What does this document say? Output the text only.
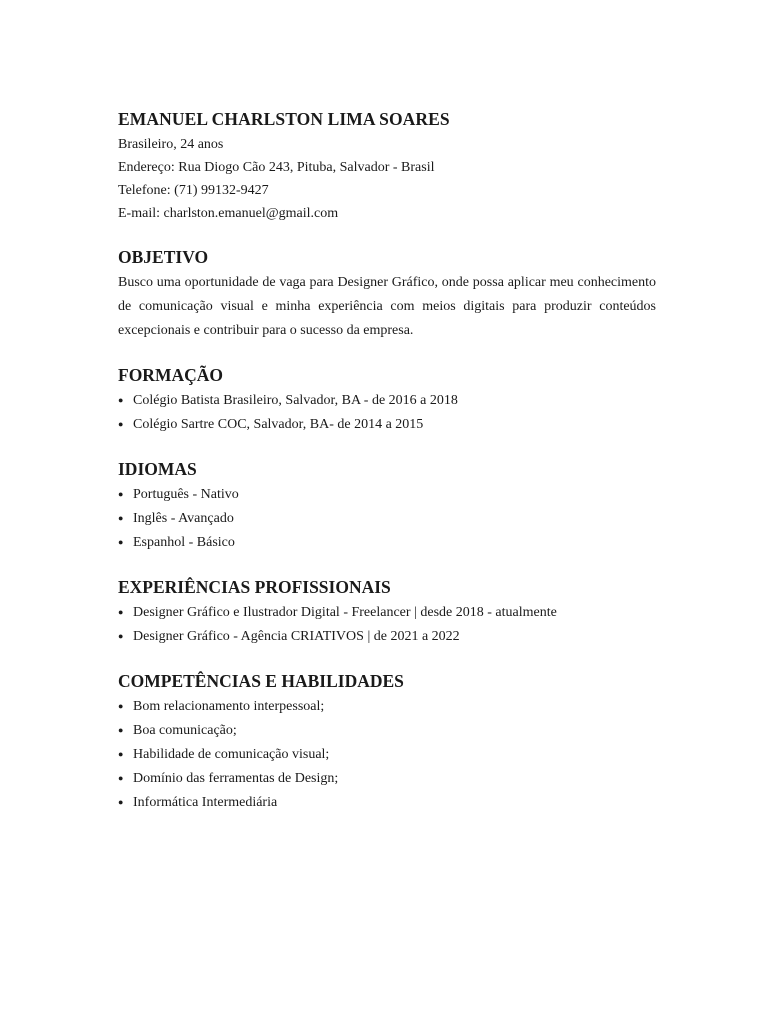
EMANUEL CHARLSTON LIMA SOARES

Brasileiro, 24 anos

Endereço: Rua Diogo Cão 243, Pituba, Salvador - Brasil

Telefone: (71) 99132-9427

E-mail: charlston.emanuel@gmail.com

OBJETIVO

Busco uma oportunidade de vaga para Designer Gráfico, onde possa aplicar meu conhecimento de comunicação visual e minha experiência com meios digitais para produzir conteúdos excepcionais e contribuir para o sucesso da empresa.

FORMAÇÃO
● Colégio Batista Brasileiro, Salvador, BA - de 2016 a 2018
● Colégio Sartre COC, Salvador, BA- de 2014 a 2015
IDIOMAS
● Português - Nativo
● Inglês - Avançado
● Espanhol - Básico
EXPERIÊNCIAS PROFISSIONAIS
● Designer Gráfico e Ilustrador Digital - Freelancer | desde 2018 - atualmente
● Designer Gráfico - Agência CRIATIVOS | de 2021 a 2022
COMPETÊNCIAS E HABILIDADES
● Bom relacionamento interpessoal;
● Boa comunicação;
● Habilidade de comunicação visual;
● Domínio das ferramentas de Design;
● Informática Intermediária
